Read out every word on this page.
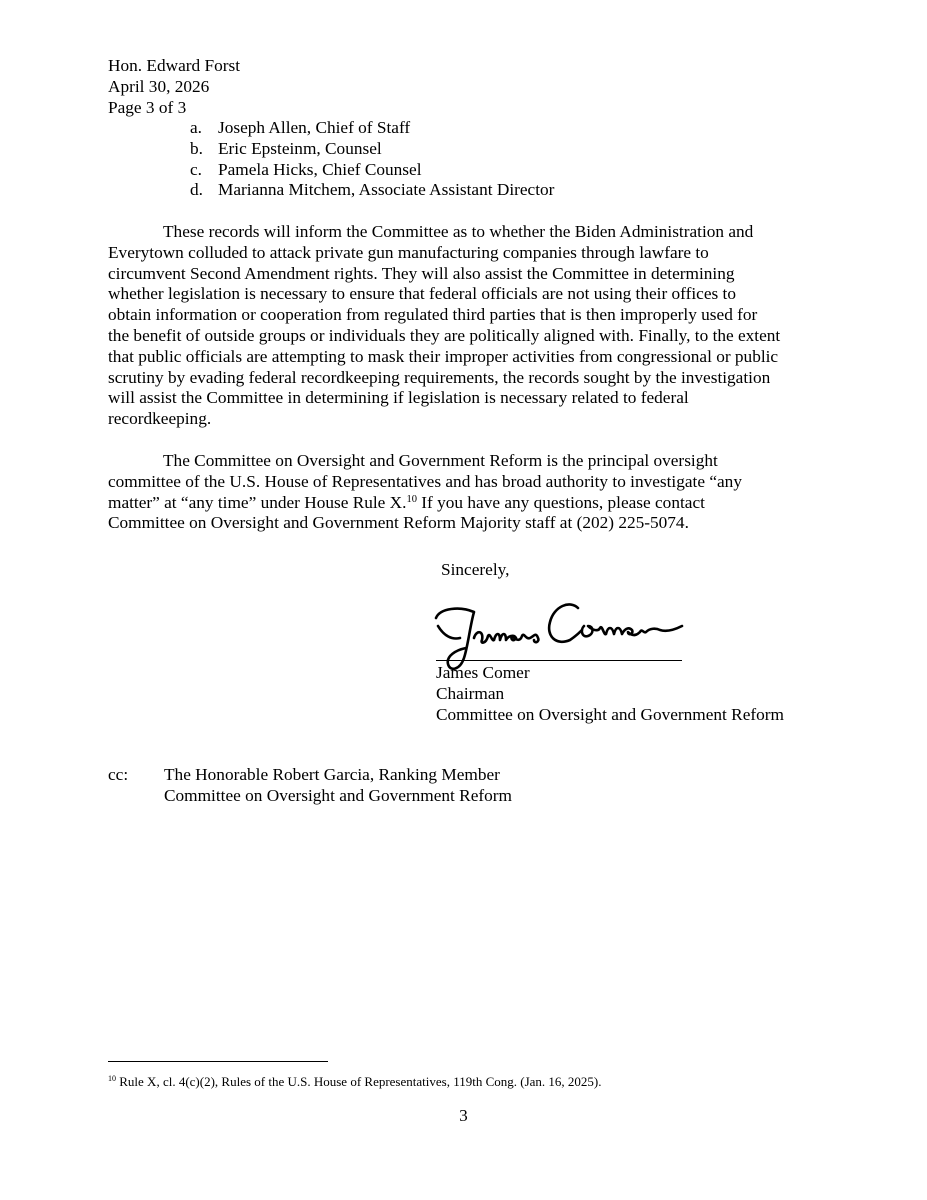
Hon. Edward Forst
April 30, 2026
Page 3 of 3
a. Joseph Allen, Chief of Staff
b. Eric Epsteinm, Counsel
c. Pamela Hicks, Chief Counsel
d. Marianna Mitchem, Associate Assistant Director
These records will inform the Committee as to whether the Biden Administration and
Everytown colluded to attack private gun manufacturing companies through lawfare to
circumvent Second Amendment rights. They will also assist the Committee in determining
whether legislation is necessary to ensure that federal officials are not using their offices to
obtain information or cooperation from regulated third parties that is then improperly used for
the benefit of outside groups or individuals they are politically aligned with. Finally, to the extent
that public officials are attempting to mask their improper activities from congressional or public
scrutiny by evading federal recordkeeping requirements, the records sought by the investigation
will assist the Committee in determining if legislation is necessary related to federal
recordkeeping.
The Committee on Oversight and Government Reform is the principal oversight
committee of the U.S. House of Representatives and has broad authority to investigate “any
matter” at “any time” under House Rule X.$^{10}$ If you have any questions, please contact
Committee on Oversight and Government Reform Majority staff at (202) 225-5074.
Sincerely,
James Comer
Chairman
Committee on Oversight and Government Reform
cc: The Honorable Robert Garcia, Ranking Member
Committee on Oversight and Government Reform
$^{10}$ Rule X, cl. 4(c)(2), Rules of the U.S. House of Representatives, 119th Cong. (Jan. 16, 2025).
3
